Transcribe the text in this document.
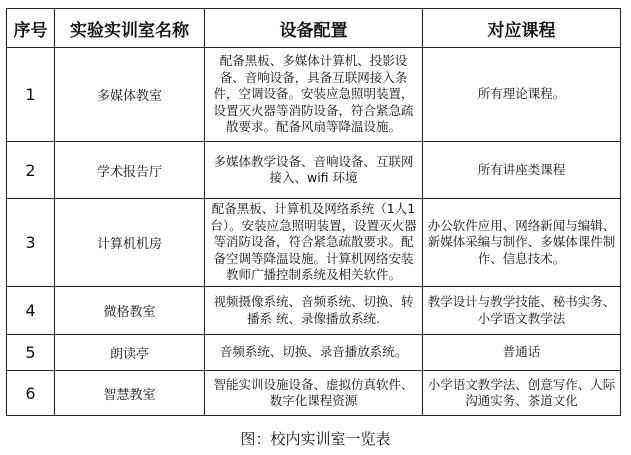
序号	实验实训室名称	设备配置	对应课程
1	多媒体教室	配备黑板、多媒体计算机、投影设备、音响设备，具备互联网接入条件，空调设备。安装应急照明装置，设置灭火器等消防设备，符合紧急疏散要求。配备风扇等降温设施。	所有理论课程。
2	学术报告厅	多媒体教学设备、音响设备、互联网接入、wifi 环境	所有讲座类课程
3	计算机机房	配备黑板、计算机及网络系统（1人1台）。安装应急照明装置，设置灭火器等消防设备，符合紧急疏散要求。配备空调等降温设施。计算机网络安装教师广播控制系统及相关软件。	办公软件应用、网络新闻与编辑、新媒体采编与制作、多媒体课件制作、信息技术。
4	微格教室	视频摄像系统、音频系统、切换、转播系 统、录像播放系统.	教学设计与教学技能、秘书实务、小学语文教学法
5	朗读亭	音频系统、切换、录音播放系统。	普通话
6	智慧教室	智能实训设施设备、虚拟仿真软件、数字化课程资源	小学语文教学法、创意写作、人际沟通实务、茶道文化
图：校内实训室一览表
